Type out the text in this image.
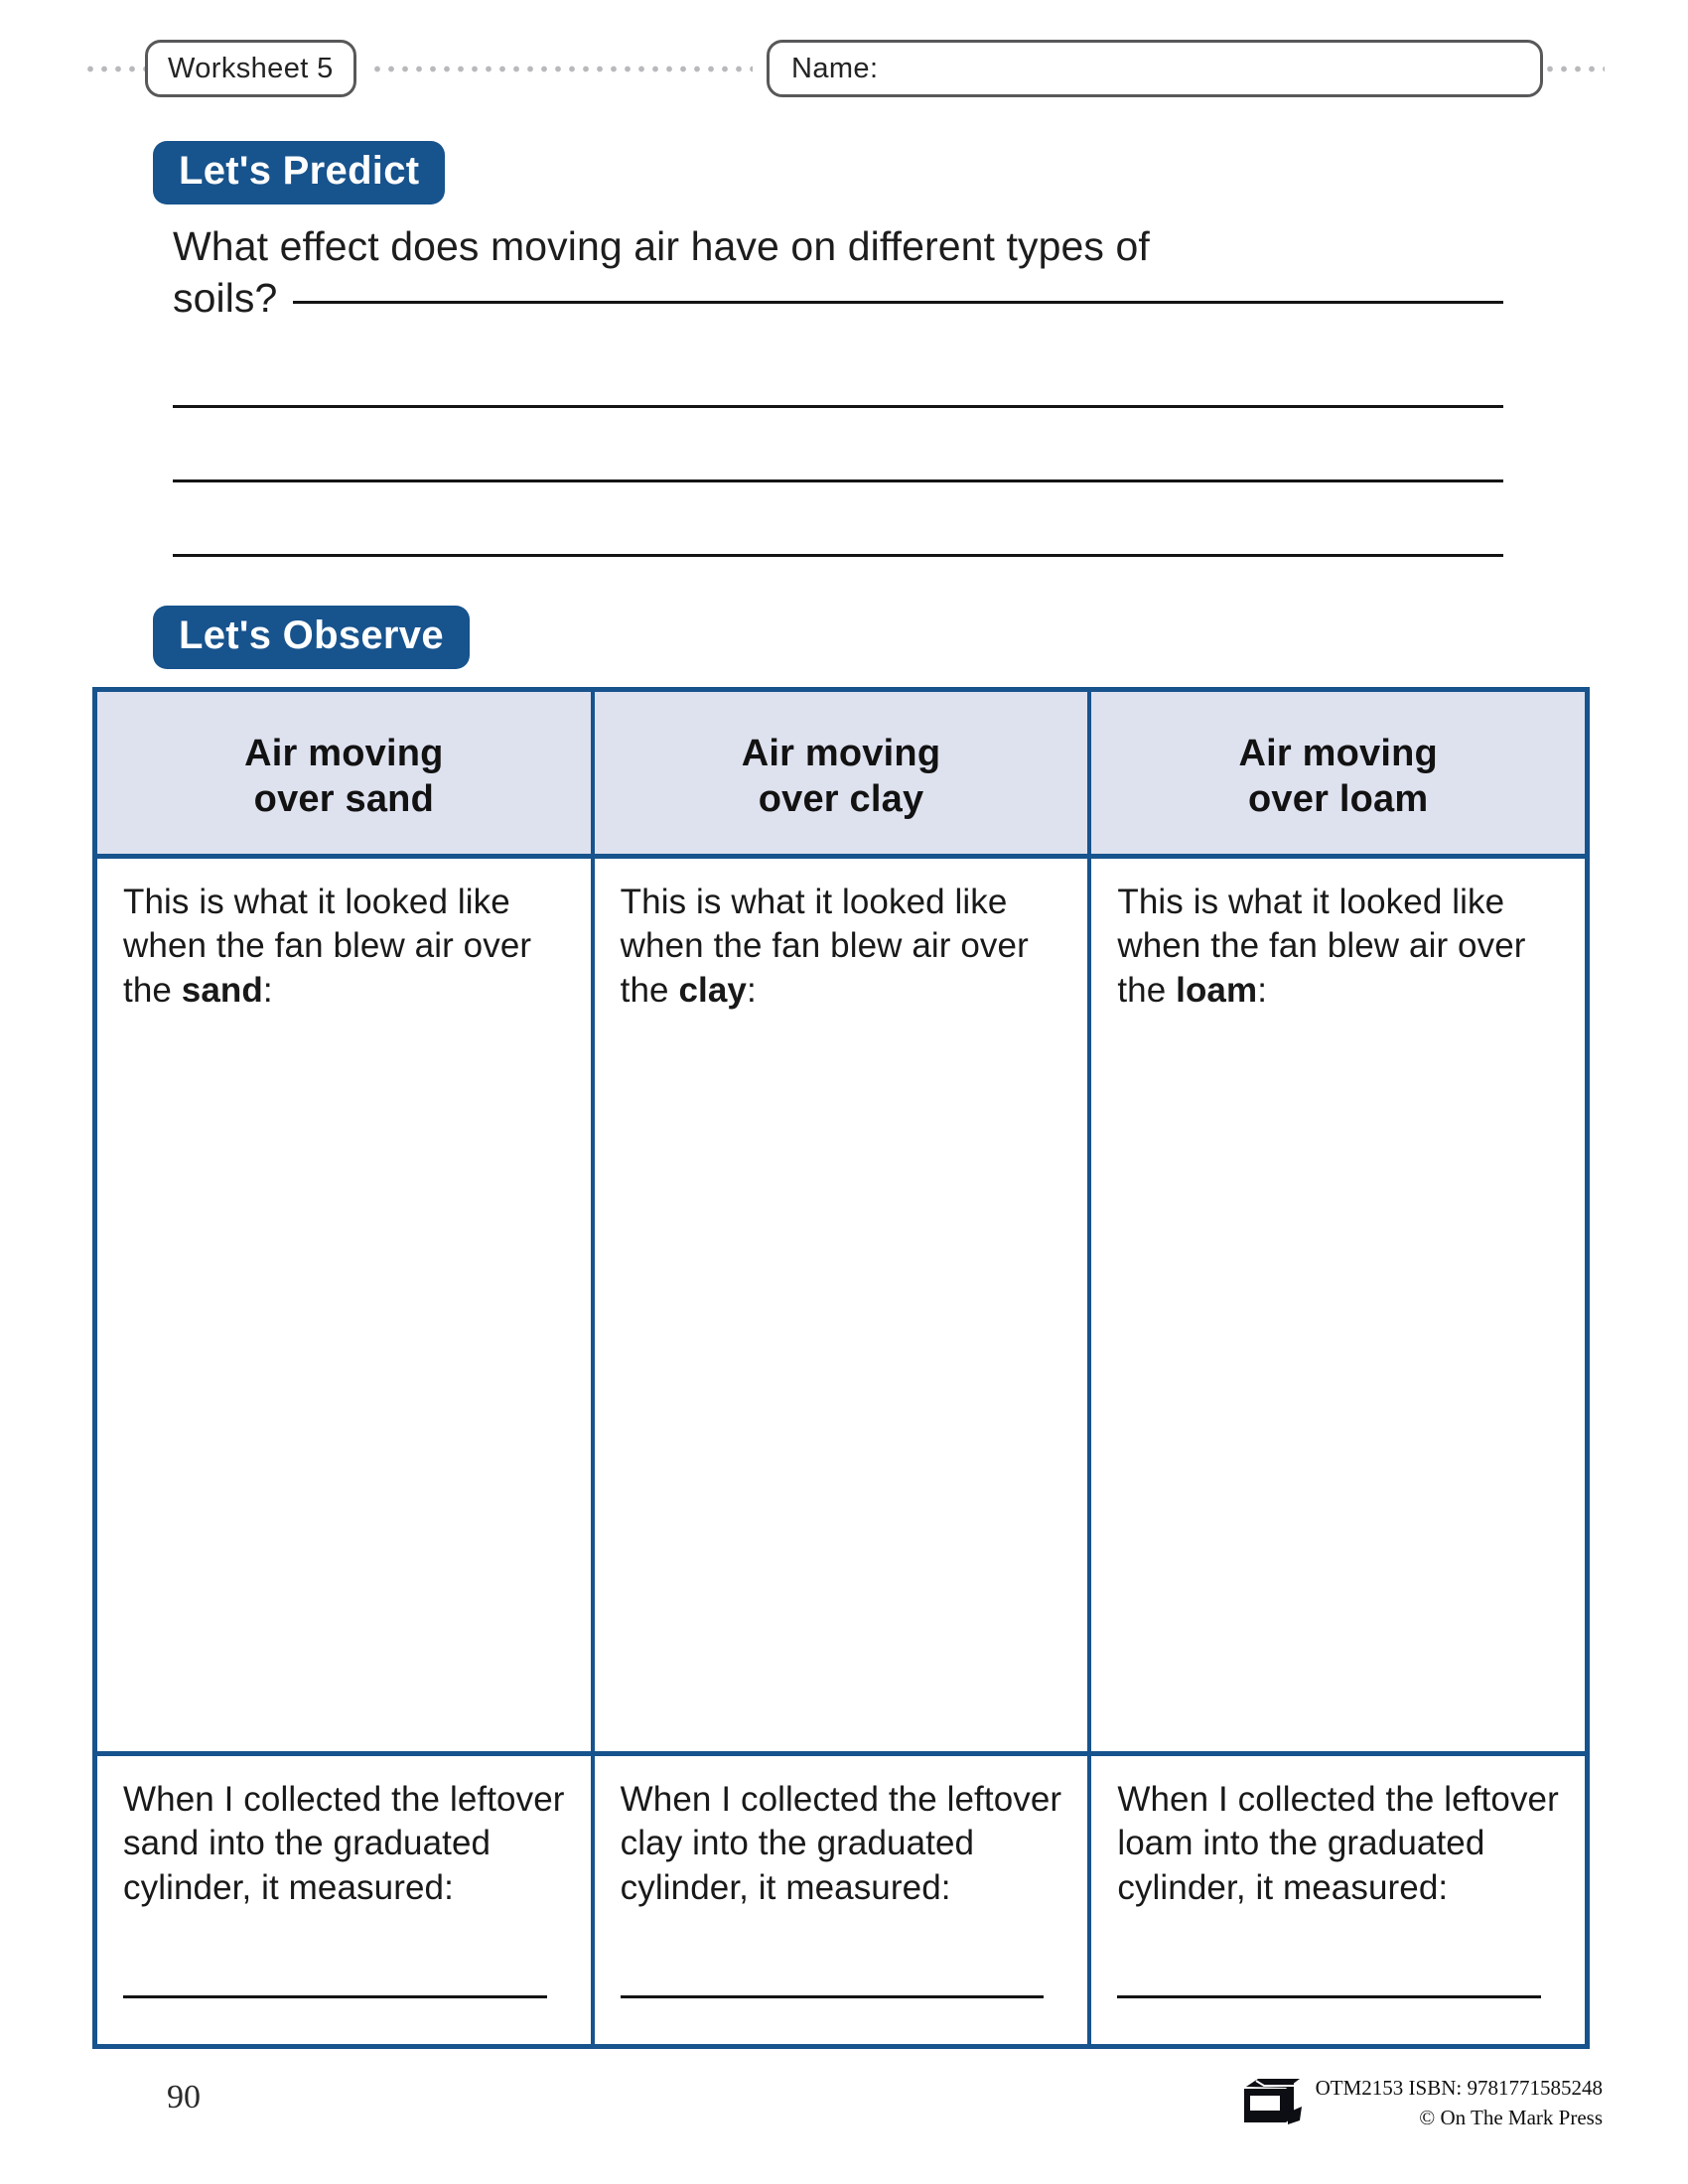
Worksheet 5	Name:
Let's Predict
What effect does moving air have on different types of
soils?
Let's Observe
Air moving
over sand
Air moving
over clay
Air moving
over loam
This is what it looked like when the fan blew air over the sand:
This is what it looked like when the fan blew air over the clay:
This is what it looked like when the fan blew air over the loam:
When I collected the leftover sand into the graduated cylinder, it measured:
When I collected the leftover clay into the graduated cylinder, it measured:
When I collected the leftover loam into the graduated cylinder, it measured:
90	OTM2153 ISBN: 9781771585248
© On The Mark Press
